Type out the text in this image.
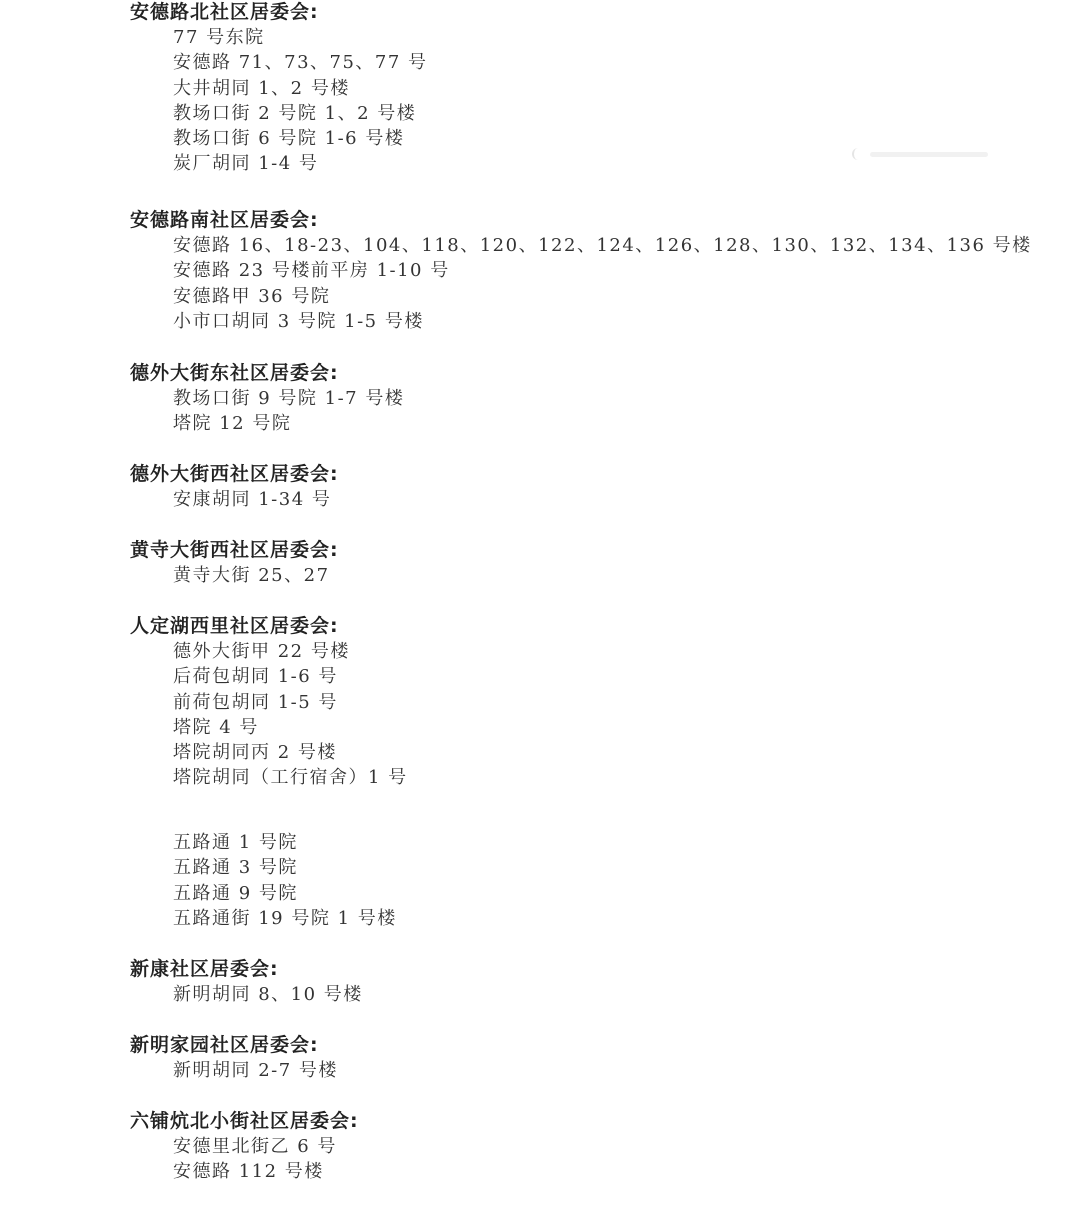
安德路北社区居委会:
77 号东院
安德路 71、73、75、77 号
大井胡同 1、2 号楼
教场口街 2 号院 1、2 号楼
教场口街 6 号院 1-6 号楼
炭厂胡同 1-4 号
安德路南社区居委会:
安德路 16、18-23、104、118、120、122、124、126、128、130、132、134、136 号楼
安德路 23 号楼前平房 1-10 号
安德路甲 36 号院
小市口胡同 3 号院 1-5 号楼
德外大街东社区居委会:
教场口街 9 号院 1-7 号楼
塔院 12 号院
德外大街西社区居委会:
安康胡同 1-34 号
黄寺大街西社区居委会:
黄寺大街 25、27
人定湖西里社区居委会:
德外大街甲 22 号楼
后荷包胡同 1-6 号
前荷包胡同 1-5 号
塔院 4 号
塔院胡同丙 2 号楼
塔院胡同（工行宿舍）1 号
五路通 1 号院
五路通 3 号院
五路通 9 号院
五路通街 19 号院 1 号楼
新康社区居委会:
新明胡同 8、10 号楼
新明家园社区居委会:
新明胡同 2-7 号楼
六铺炕北小街社区居委会:
安德里北街乙 6 号
安德路 112 号楼
